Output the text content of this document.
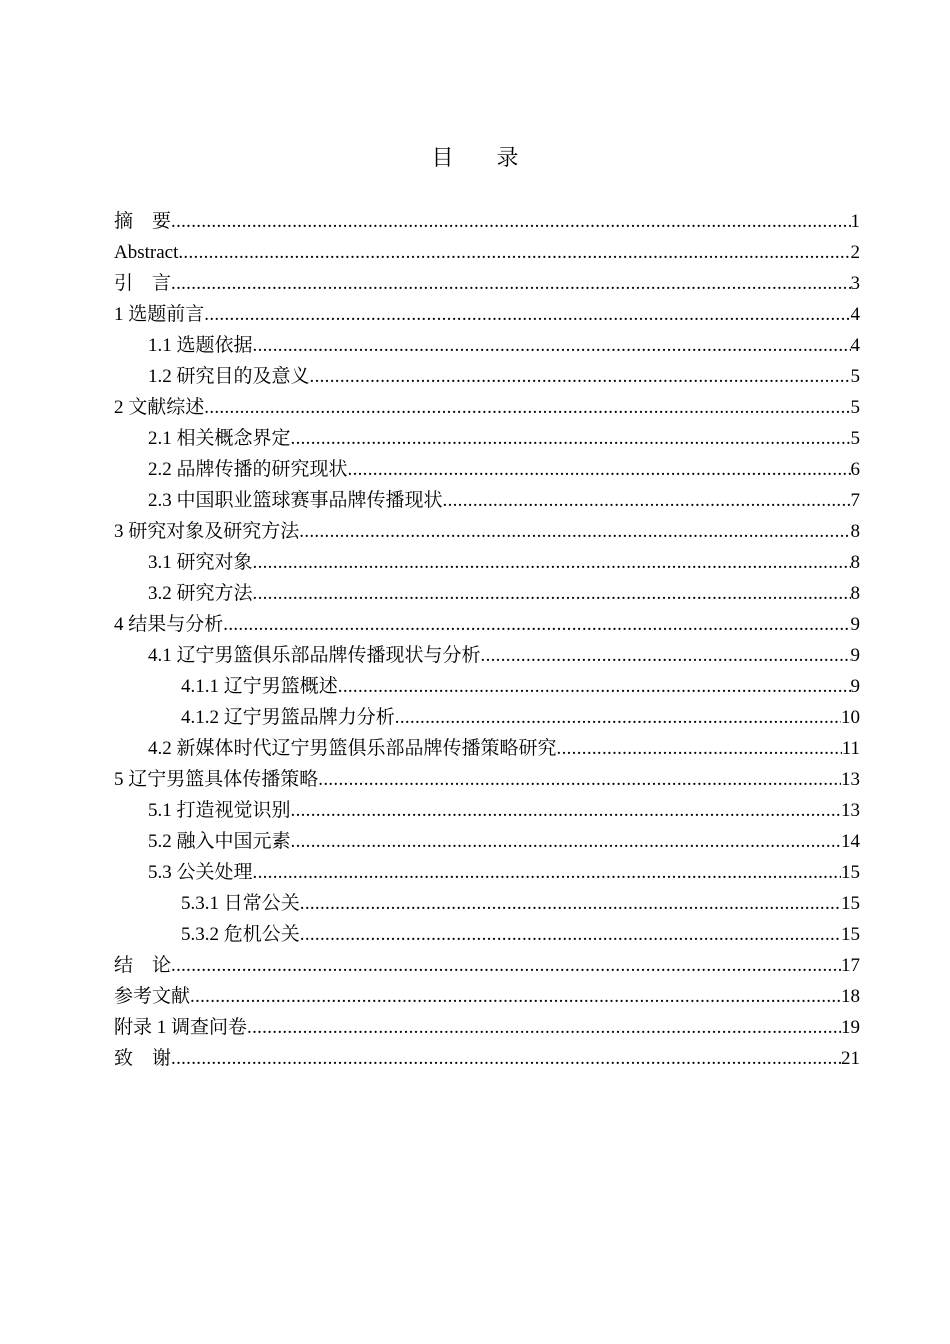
目 录
摘    要 .....	1
Abstract .....	2
引    言 .....	3
1 选题前言 .....	4
1.1 选题依据 .....	4
1.2 研究目的及意义 .....	5
2 文献综述 .....	5
2.1 相关概念界定 .....	5
2.2 品牌传播的研究现状 .....	6
2.3 中国职业篮球赛事品牌传播现状 .....	7
3 研究对象及研究方法 .....	8
3.1 研究对象 .....	8
3.2 研究方法 .....	8
4 结果与分析 .....	9
4.1 辽宁男篮俱乐部品牌传播现状与分析 .....	9
4.1.1 辽宁男篮概述 .....	9
4.1.2 辽宁男篮品牌力分析 .....	10
4.2 新媒体时代辽宁男篮俱乐部品牌传播策略研究 .....	11
5 辽宁男篮具体传播策略 .....	13
5.1 打造视觉识别 .....	13
5.2 融入中国元素 .....	14
5.3 公关处理 .....	15
5.3.1 日常公关 .....	15
5.3.2 危机公关 .....	15
结    论 .....	17
参考文献 .....	18
附录 1 调查问卷 .....	19
致    谢 .....	21
